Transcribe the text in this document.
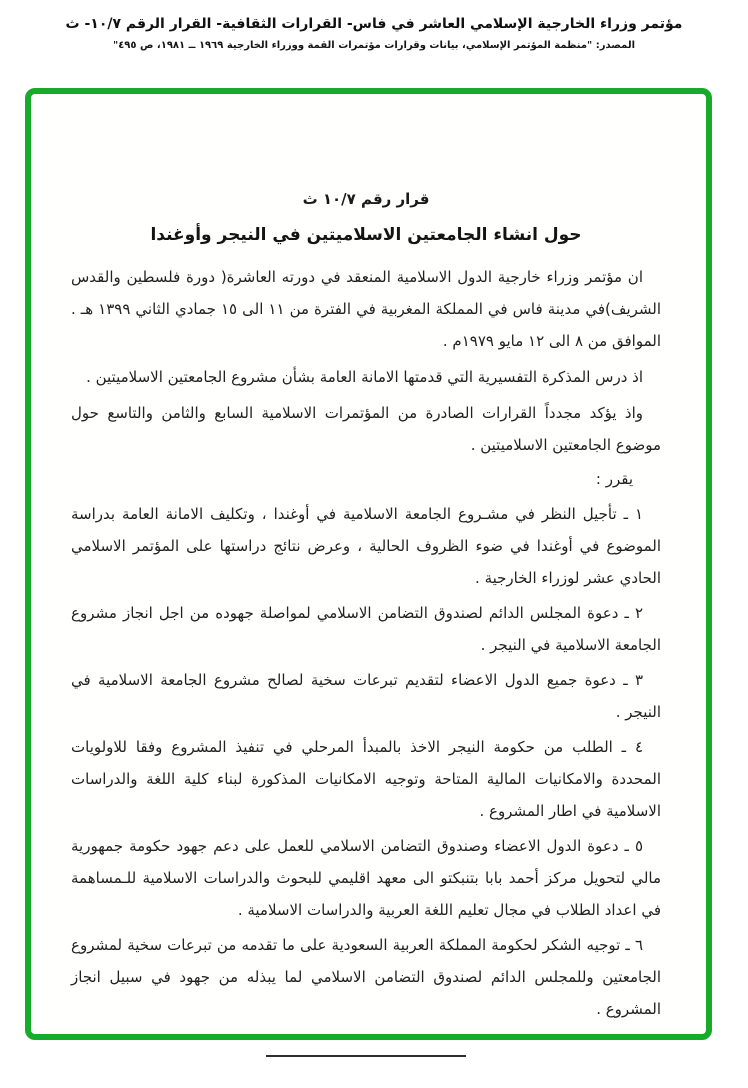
مؤتمر وزراء الخارجية الإسلامي العاشر في فاس- القرارات الثقافية- القرار الرقم ١٠/٧- ث
المصدر: "منظمة المؤتمر الإسلامي، بيانات وقرارات مؤتمرات القمة ووزراء الخارجية ١٩٦٩ ــ ١٩٨١، ص ٤٩٥"
قرار رقم ١٠/٧ ث
حول انشاء الجامعتين الاسلاميتين في النيجر وأوغندا

ان مؤتمر وزراء خارجية الدول الاسلامية المنعقد في دورته العاشرة( دورة فلسطين والقدس الشريف)في مدينة فاس في المملكة المغربية في الفترة من ١١ الى ١٥ جمادي الثاني ١٣٩٩ هـ . الموافق من ٨ الى ١٢ مايو ١٩٧٩م .

اذ درس المذكرة التفسيرية التي قدمتها الامانة العامة بشأن مشروع الجامعتين الاسلاميتين .

واذ يؤكد مجدداً القرارات الصادرة من المؤتمرات الاسلامية السابع والثامن والتاسع حول موضوع الجامعتين الاسلاميتين .

يقرر :

١ ـ تأجيل النظر في مشـروع الجامعة الاسلامية في أوغندا ، وتكليف الامانة العامة بدراسة الموضوع في أوغندا في ضوء الظروف الحالية ، وعرض نتائج دراستها على المؤتمر الاسلامي الحادي عشر لوزراء الخارجية .

٢ ـ دعوة المجلس الدائم لصندوق التضامن الاسلامي لمواصلة جهوده من اجل انجاز مشروع الجامعة الاسلامية في النيجر .

٣ ـ دعوة جميع الدول الاعضاء لتقديم تبرعات سخية لصالح مشروع الجامعة الاسلامية في النيجر .

٤ ـ الطلب من حكومة النيجر الاخذ بالمبدأ المرحلي في تنفيذ المشروع وفقا للاولويات المحددة والامكانيات المالية المتاحة وتوجيه الامكانيات المذكورة لبناء كلية اللغة والدراسات الاسلامية في اطار المشروع .

٥ ـ دعوة الدول الاعضاء وصندوق التضامن الاسلامي للعمل على دعم جهود حكومة جمهورية مالي لتحويل مركز أحمد بابا بتنبكتو الى معهد اقليمي للبحوث والدراسات الاسلامية للـمساهمة في اعداد الطلاب في مجال تعليم اللغة العربية والدراسات الاسلامية .

٦ ـ توجيه الشكر لحكومة المملكة العربية السعودية على ما تقدمه من تبرعات سخية لمشروع الجامعتين وللمجلس الدائم لصندوق التضامن الاسلامي لما يبذله من جهود في سبيل انجاز المشروع .
